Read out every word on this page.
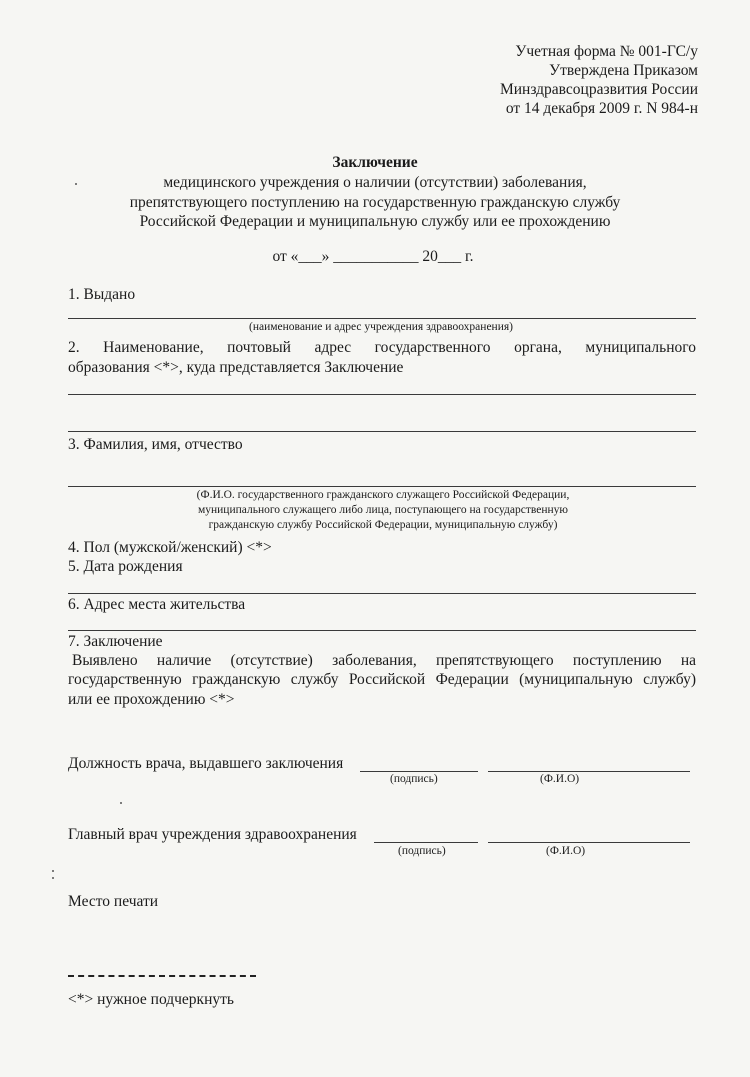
Учетная форма № 001-ГС/у
Утверждена Приказом
Минздравсоцразвития России
от 14 декабря 2009 г. N 984-н
Заключение
медицинского учреждения о наличии (отсутствии) заболевания,
препятствующего поступлению на государственную гражданскую службу
Российской Федерации и муниципальную службу или ее прохождению
от «___» ___________ 20___ г.
1. Выдано
(наименование и адрес учреждения здравоохранения)
2. Наименование, почтовый адрес государственного органа, муниципального
образования <*>, куда представляется Заключение
3. Фамилия, имя, отчество
(Ф.И.О. государственного гражданского служащего Российской Федерации,
муниципального служащего либо лица, поступающего на государственную
гражданскую службу Российской Федерации, муниципальную службу)
4. Пол (мужской/женский) <*>
5. Дата рождения
6. Адрес места жительства
7. Заключение
Выявлено наличие (отсутствие) заболевания, препятствующего поступлению на
государственную гражданскую службу Российской Федерации (муниципальную службу)
или ее прохождению <*>
Должность врача, выдавшего заключения
(подпись)	(Ф.И.О)
Главный врач учреждения здравоохранения
(подпись)	(Ф.И.О)
Место печати
<*> нужное подчеркнуть
